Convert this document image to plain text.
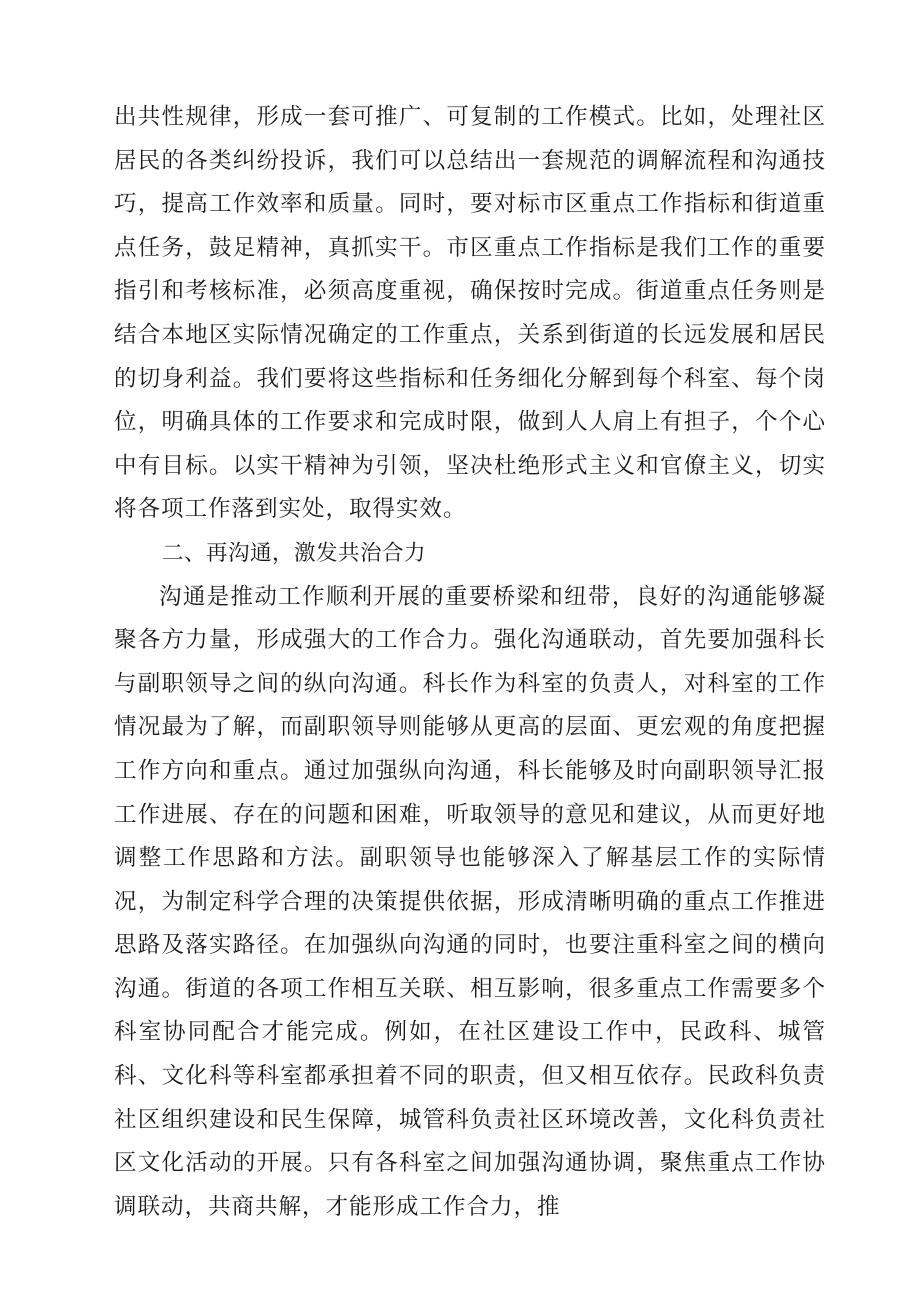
出共性规律，形成一套可推广、可复制的工作模式。比如，处理社区居民的各类纠纷投诉，我们可以总结出一套规范的调解流程和沟通技巧，提高工作效率和质量。同时，要对标市区重点工作指标和街道重点任务，鼓足精神，真抓实干。市区重点工作指标是我们工作的重要指引和考核标准，必须高度重视，确保按时完成。街道重点任务则是结合本地区实际情况确定的工作重点，关系到街道的长远发展和居民的切身利益。我们要将这些指标和任务细化分解到每个科室、每个岗位，明确具体的工作要求和完成时限，做到人人肩上有担子，个个心中有目标。以实干精神为引领，坚决杜绝形式主义和官僚主义，切实将各项工作落到实处，取得实效。

二、再沟通，激发共治合力

沟通是推动工作顺利开展的重要桥梁和纽带，良好的沟通能够凝聚各方力量，形成强大的工作合力。强化沟通联动，首先要加强科长与副职领导之间的纵向沟通。科长作为科室的负责人，对科室的工作情况最为了解，而副职领导则能够从更高的层面、更宏观的角度把握工作方向和重点。通过加强纵向沟通，科长能够及时向副职领导汇报工作进展、存在的问题和困难，听取领导的意见和建议，从而更好地调整工作思路和方法。副职领导也能够深入了解基层工作的实际情况，为制定科学合理的决策提供依据，形成清晰明确的重点工作推进思路及落实路径。在加强纵向沟通的同时，也要注重科室之间的横向沟通。街道的各项工作相互关联、相互影响，很多重点工作需要多个科室协同配合才能完成。例如，在社区建设工作中，民政科、城管科、文化科等科室都承担着不同的职责，但又相互依存。民政科负责社区组织建设和民生保障，城管科负责社区环境改善，文化科负责社区文化活动的开展。只有各科室之间加强沟通协调，聚焦重点工作协调联动，共商共解，才能形成工作合力，推
